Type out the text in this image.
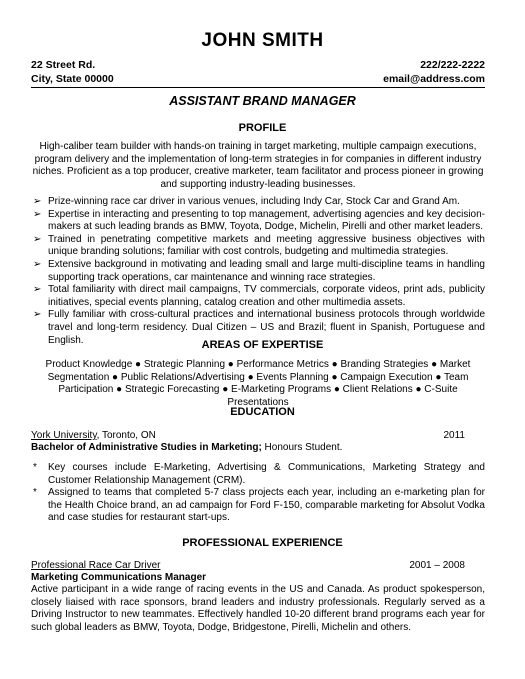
JOHN SMITH
22 Street Rd.
City, State 00000
222/222-2222
email@address.com
ASSISTANT BRAND MANAGER
PROFILE
High-caliber team builder with hands-on training in target marketing, multiple campaign executions, program delivery and the implementation of long-term strategies in for companies in different industry niches. Proficient as a top producer, creative marketer, team facilitator and process pioneer in growing and supporting industry-leading businesses.
➢ Prize-winning race car driver in various venues, including Indy Car, Stock Car and Grand Am.
➢ Expertise in interacting and presenting to top management, advertising agencies and key decision-makers at such leading brands as BMW, Toyota, Dodge, Michelin, Pirelli and other market leaders.
➢ Trained in penetrating competitive markets and meeting aggressive business objectives with unique branding solutions; familiar with cost controls, budgeting and multimedia strategies.
➢ Extensive background in motivating and leading small and large multi-discipline teams in handling supporting track operations, car maintenance and winning race strategies.
➢ Total familiarity with direct mail campaigns, TV commercials, corporate videos, print ads, publicity initiatives, special events planning, catalog creation and other multimedia assets.
➢ Fully familiar with cross-cultural practices and international business protocols through worldwide travel and long-term residency. Dual Citizen – US and Brazil; fluent in Spanish, Portuguese and English.	AREAS OF EXPERTISE
Product Knowledge ● Strategic Planning ● Performance Metrics ● Branding Strategies ● Market Segmentation ● Public Relations/Advertising ● Events Planning ● Campaign Execution ● Team Participation ● Strategic Forecasting ● E-Marketing Programs ● Client Relations ● C-Suite Presentations
EDUCATION
York University, Toronto, ON	2011
Bachelor of Administrative Studies in Marketing; Honours Student.
* Key courses include E-Marketing, Advertising & Communications, Marketing Strategy and Customer Relationship Management (CRM).
* Assigned to teams that completed 5-7 class projects each year, including an e-marketing plan for the Health Choice brand, an ad campaign for Ford F-150, comparable marketing for Absolut Vodka and case studies for restaurant start-ups.
PROFESSIONAL EXPERIENCE
Professional Race Car Driver	2001 – 2008
Marketing Communications Manager
Active participant in a wide range of racing events in the US and Canada. As product spokesperson, closely liaised with race sponsors, brand leaders and industry professionals. Regularly served as a Driving Instructor to new teammates. Effectively handled 10-20 different brand programs each year for such global leaders as BMW, Toyota, Dodge, Bridgestone, Pirelli, Michelin and others.
